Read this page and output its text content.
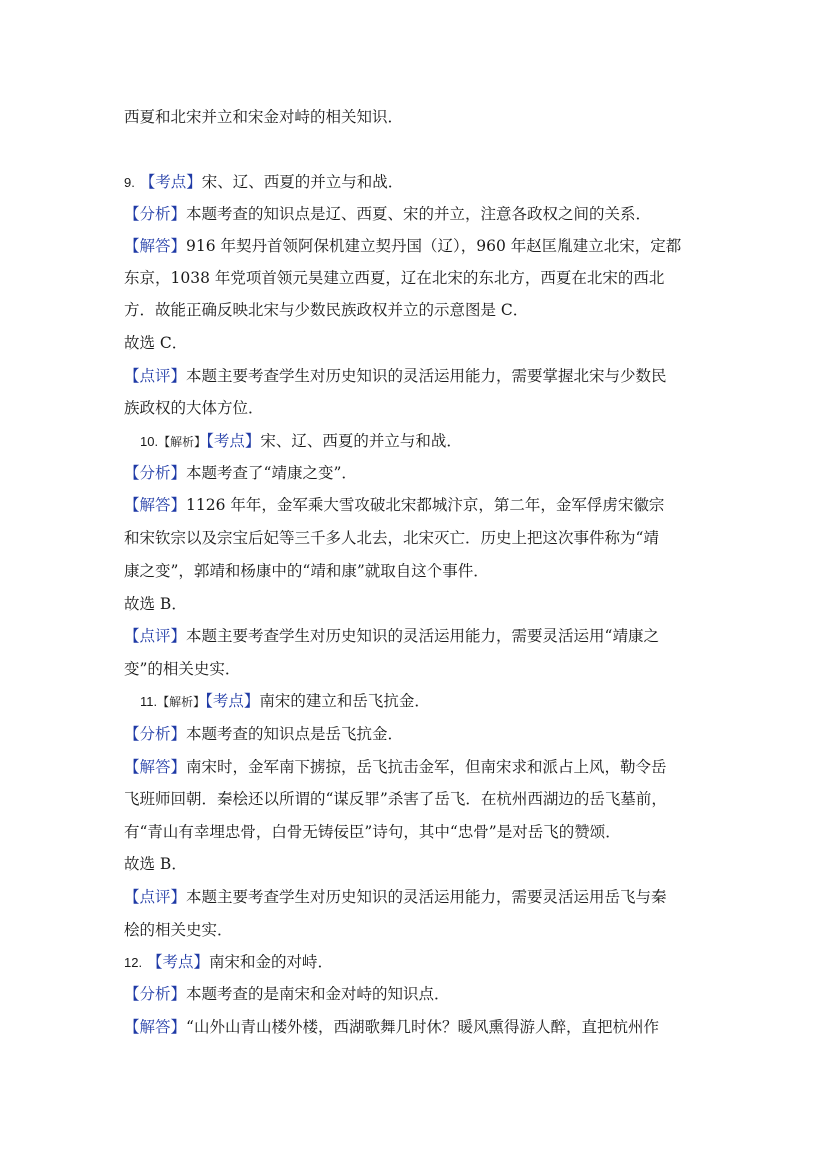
西夏和北宋并立和宋金对峙的相关知识．
9. 【考点】宋、辽、西夏的并立与和战．
【分析】本题考查的知识点是辽、西夏、宋的并立，注意各政权之间的关系．
【解答】916 年契丹首领阿保机建立契丹国（辽），960 年赵匡胤建立北宋，定都
东京，1038 年党项首领元昊建立西夏，辽在北宋的东北方，西夏在北宋的西北
方．故能正确反映北宋与少数民族政权并立的示意图是 C．
故选 C．
【点评】本题主要考查学生对历史知识的灵活运用能力，需要掌握北宋与少数民
族政权的大体方位．
10.【解析】【考点】宋、辽、西夏的并立与和战．
【分析】本题考查了“靖康之变”．
【解答】1126 年年，金军乘大雪攻破北宋都城汴京，第二年，金军俘虏宋徽宗
和宋钦宗以及宗宝后妃等三千多人北去，北宋灭亡．历史上把这次事件称为“靖
康之变”，郭靖和杨康中的“靖和康”就取自这个事件．
故选 B．
【点评】本题主要考查学生对历史知识的灵活运用能力，需要灵活运用“靖康之
变”的相关史实．
11.【解析】【考点】南宋的建立和岳飞抗金．
【分析】本题考查的知识点是岳飞抗金．
【解答】南宋时，金军南下掳掠，岳飞抗击金军，但南宋求和派占上风，勒令岳
飞班师回朝．秦桧还以所谓的“谋反罪”杀害了岳飞．在杭州西湖边的岳飞墓前，
有“青山有幸埋忠骨，白骨无铸佞臣”诗句，其中“忠骨”是对岳飞的赞颂．
故选 B．
【点评】本题主要考查学生对历史知识的灵活运用能力，需要灵活运用岳飞与秦
桧的相关史实．
12. 【考点】南宋和金的对峙．
【分析】本题考查的是南宋和金对峙的知识点．
【解答】“山外山青山楼外楼，西湖歌舞几时休？暖风熏得游人醉，直把杭州作
